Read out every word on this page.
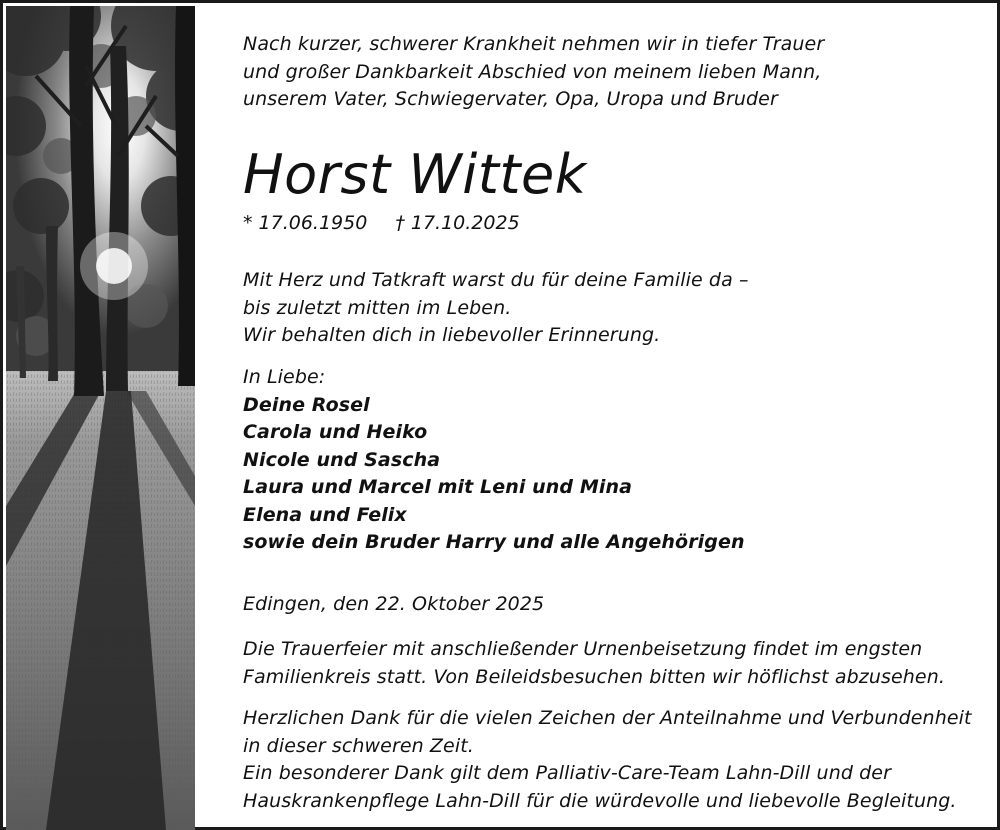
Nach kurzer, schwerer Krankheit nehmen wir in tiefer Trauer

und großer Dankbarkeit Abschied von meinem lieben Mann,

unserem Vater, Schwiegervater, Opa, Uropa und Bruder

Horst Wittek
* 17.06.1950 † 17.10.2025

Mit Herz und Tatkraft warst du für deine Familie da –

bis zuletzt mitten im Leben.

Wir behalten dich in liebevoller Erinnerung.

In Liebe:

Deine Rosel

Carola und Heiko

Nicole und Sascha

Laura und Marcel mit Leni und Mina

Elena und Felix

sowie dein Bruder Harry und alle Angehörigen

Edingen, den 22. Oktober 2025

Die Trauerfeier mit anschließender Urnenbeisetzung findet im engsten

Familienkreis statt. Von Beileidsbesuchen bitten wir höflichst abzusehen.

Herzlichen Dank für die vielen Zeichen der Anteilnahme und Verbundenheit

in dieser schweren Zeit.

Ein besonderer Dank gilt dem Palliativ-Care-Team Lahn-Dill und der

Hauskrankenpflege Lahn-Dill für die würdevolle und liebevolle Begleitung.
